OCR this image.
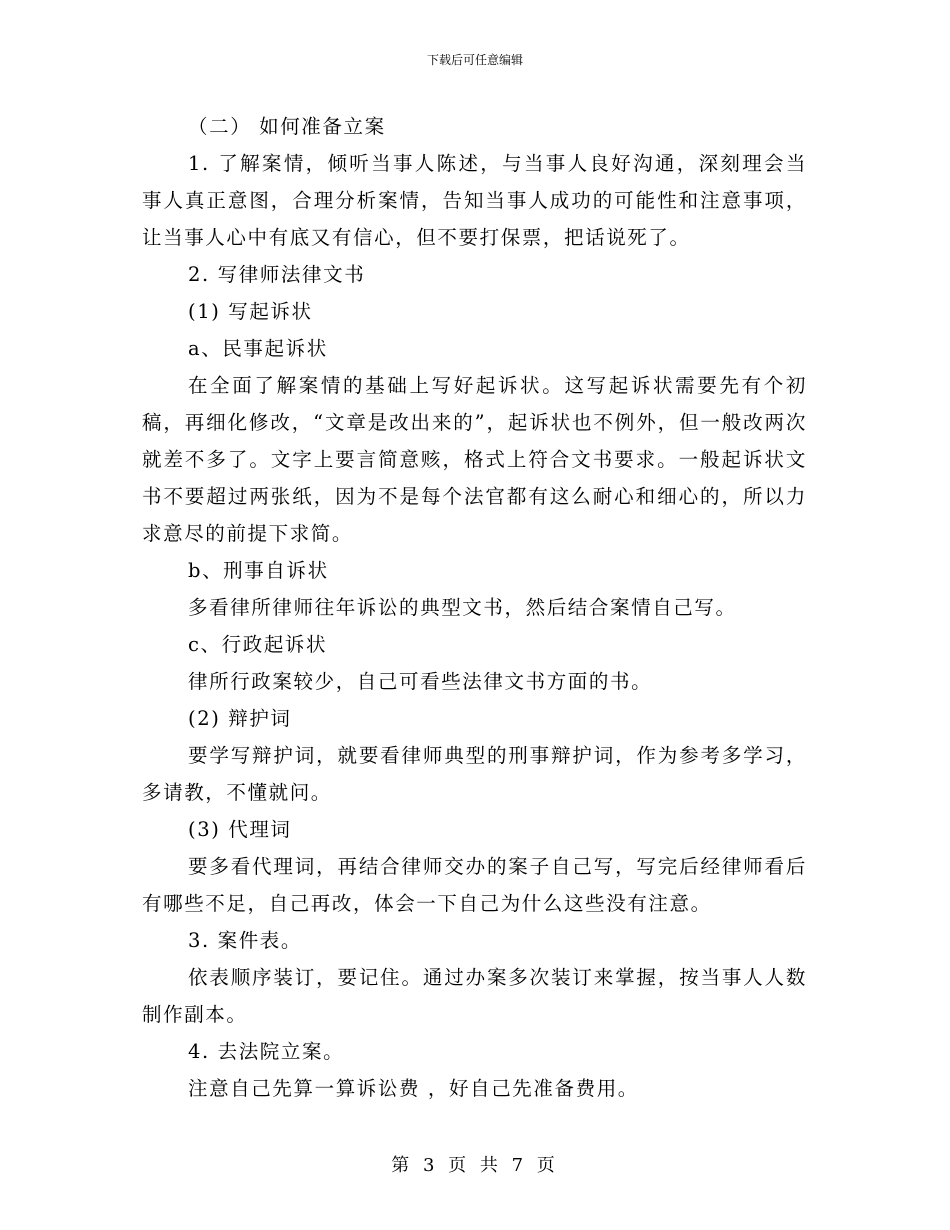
下载后可任意编辑

（二） 如何准备立案

1. 了解案情，倾听当事人陈述，与当事人良好沟通，深刻理会当事人真正意图，合理分析案情，告知当事人成功的可能性和注意事项，让当事人心中有底又有信心，但不要打保票，把话说死了。

2. 写律师法律文书

(1) 写起诉状

a、民事起诉状

在全面了解案情的基础上写好起诉状。这写起诉状需要先有个初稿，再细化修改，“文章是改出来的”，起诉状也不例外，但一般改两次就差不多了。文字上要言简意赅，格式上符合文书要求。一般起诉状文书不要超过两张纸，因为不是每个法官都有这么耐心和细心的，所以力求意尽的前提下求简。

b、刑事自诉状

多看律所律师往年诉讼的典型文书，然后结合案情自己写。

c、行政起诉状

律所行政案较少，自己可看些法律文书方面的书。

(2) 辩护词

要学写辩护词，就要看律师典型的刑事辩护词，作为参考多学习，多请教，不懂就问。

(3) 代理词

要多看代理词，再结合律师交办的案子自己写，写完后经律师看后有哪些不足，自己再改，体会一下自己为什么这些没有注意。

3. 案件表。

依表顺序装订，要记住。通过办案多次装订来掌握，按当事人人数制作副本。

4. 去法院立案。

注意自己先算一算诉讼费 ，好自己先准备费用。

第 3 页 共 7 页
